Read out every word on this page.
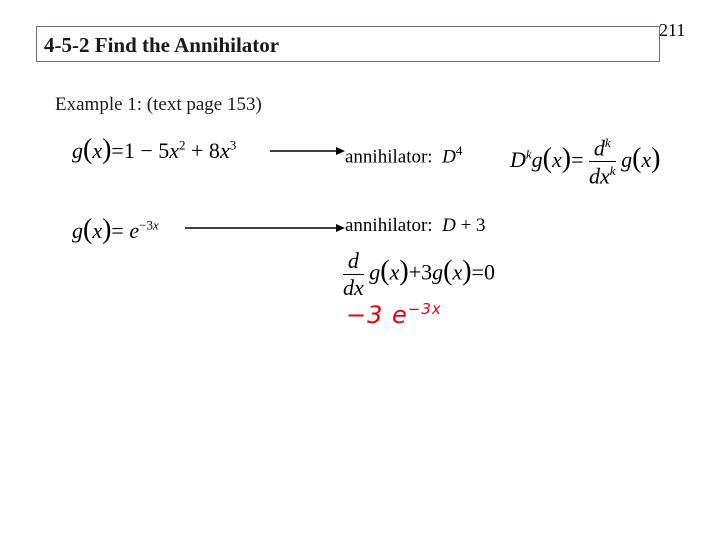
4-5-2 Find the Annihilator
211
Example 1: (text page 153)
$g(x)=1 - 5x^2 + 8x^3$
annihilator: $D^4$ $D^kg(x)= \frac{d^k}{dx^k} g(x)$
$g(x)= e^{-3x}$	annihilator: D + 3
$\frac{d}{dx} g(x)+3g(x)=0$
−3 $e^{-3x}$
